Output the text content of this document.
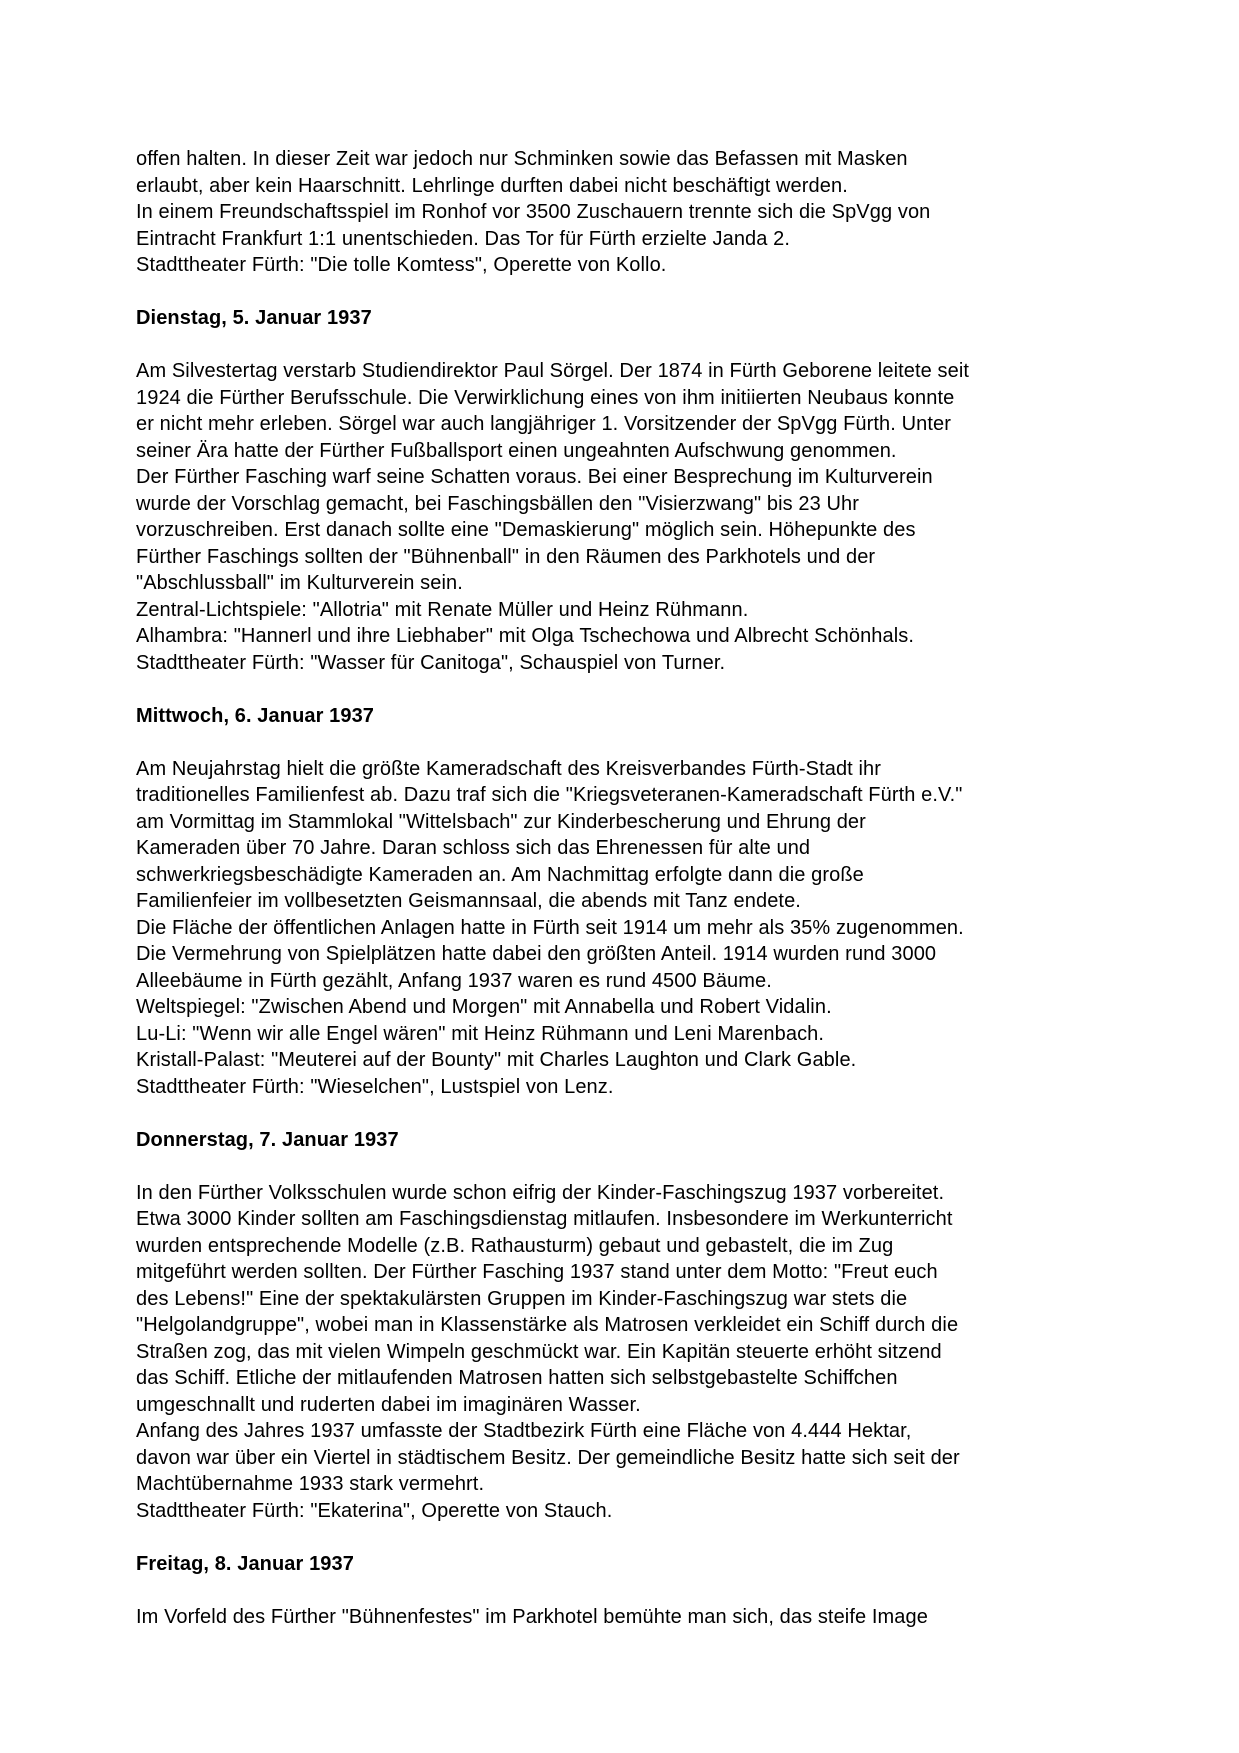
offen halten. In dieser Zeit war jedoch nur Schminken sowie das Befassen mit Masken
erlaubt, aber kein Haarschnitt. Lehrlinge durften dabei nicht beschäftigt werden.
In einem Freundschaftsspiel im Ronhof vor 3500 Zuschauern trennte sich die SpVgg von
Eintracht Frankfurt 1:1 unentschieden. Das Tor für Fürth erzielte Janda 2.
Stadttheater Fürth: "Die tolle Komtess", Operette von Kollo.
Dienstag, 5. Januar 1937
Am Silvestertag verstarb Studiendirektor Paul Sörgel. Der 1874 in Fürth Geborene leitete seit
1924 die Fürther Berufsschule. Die Verwirklichung eines von ihm initiierten Neubaus konnte
er nicht mehr erleben. Sörgel war auch langjähriger 1. Vorsitzender der SpVgg Fürth. Unter
seiner Ära hatte der Fürther Fußballsport einen ungeahnten Aufschwung genommen.
Der Fürther Fasching warf seine Schatten voraus. Bei einer Besprechung im Kulturverein
wurde der Vorschlag gemacht, bei Faschingsbällen den "Visierzwang" bis 23 Uhr
vorzuschreiben. Erst danach sollte eine "Demaskierung" möglich sein. Höhepunkte des
Fürther Faschings sollten der "Bühnenball" in den Räumen des Parkhotels und der
"Abschlussball" im Kulturverein sein.
Zentral-Lichtspiele: "Allotria" mit Renate Müller und Heinz Rühmann.
Alhambra: "Hannerl und ihre Liebhaber" mit Olga Tschechowa und Albrecht Schönhals.
Stadttheater Fürth: "Wasser für Canitoga", Schauspiel von Turner.
Mittwoch, 6. Januar 1937
Am Neujahrstag hielt die größte Kameradschaft des Kreisverbandes Fürth-Stadt ihr
traditionelles Familienfest ab. Dazu traf sich die "Kriegsveteranen-Kameradschaft Fürth e.V."
am Vormittag im Stammlokal "Wittelsbach" zur Kinderbescherung und Ehrung der
Kameraden über 70 Jahre. Daran schloss sich das Ehrenessen für alte und
schwerkriegsbeschädigte Kameraden an. Am Nachmittag erfolgte dann die große
Familienfeier im vollbesetzten Geismannsaal, die abends mit Tanz endete.
Die Fläche der öffentlichen Anlagen hatte in Fürth seit 1914 um mehr als 35% zugenommen.
Die Vermehrung von Spielplätzen hatte dabei den größten Anteil. 1914 wurden rund 3000
Alleebäume in Fürth gezählt, Anfang 1937 waren es rund 4500 Bäume.
Weltspiegel: "Zwischen Abend und Morgen" mit Annabella und Robert Vidalin.
Lu-Li: "Wenn wir alle Engel wären" mit Heinz Rühmann und Leni Marenbach.
Kristall-Palast: "Meuterei auf der Bounty" mit Charles Laughton und Clark Gable.
Stadttheater Fürth: "Wieselchen", Lustspiel von Lenz.
Donnerstag, 7. Januar 1937
In den Fürther Volksschulen wurde schon eifrig der Kinder-Faschingszug 1937 vorbereitet.
Etwa 3000 Kinder sollten am Faschingsdienstag mitlaufen. Insbesondere im Werkunterricht
wurden entsprechende Modelle (z.B. Rathausturm) gebaut und gebastelt, die im Zug
mitgeführt werden sollten. Der Fürther Fasching 1937 stand unter dem Motto: "Freut euch
des Lebens!" Eine der spektakulärsten Gruppen im Kinder-Faschingszug war stets die
"Helgolandgruppe", wobei man in Klassenstärke als Matrosen verkleidet ein Schiff durch die
Straßen zog, das mit vielen Wimpeln geschmückt war. Ein Kapitän steuerte erhöht sitzend
das Schiff. Etliche der mitlaufenden Matrosen hatten sich selbstgebastelte Schiffchen
umgeschnallt und ruderten dabei im imaginären Wasser.
Anfang des Jahres 1937 umfasste der Stadtbezirk Fürth eine Fläche von 4.444 Hektar,
davon war über ein Viertel in städtischem Besitz. Der gemeindliche Besitz hatte sich seit der
Machtübernahme 1933 stark vermehrt.
Stadttheater Fürth: "Ekaterina", Operette von Stauch.
Freitag, 8. Januar 1937
Im Vorfeld des Fürther "Bühnenfestes" im Parkhotel bemühte man sich, das steife Image
